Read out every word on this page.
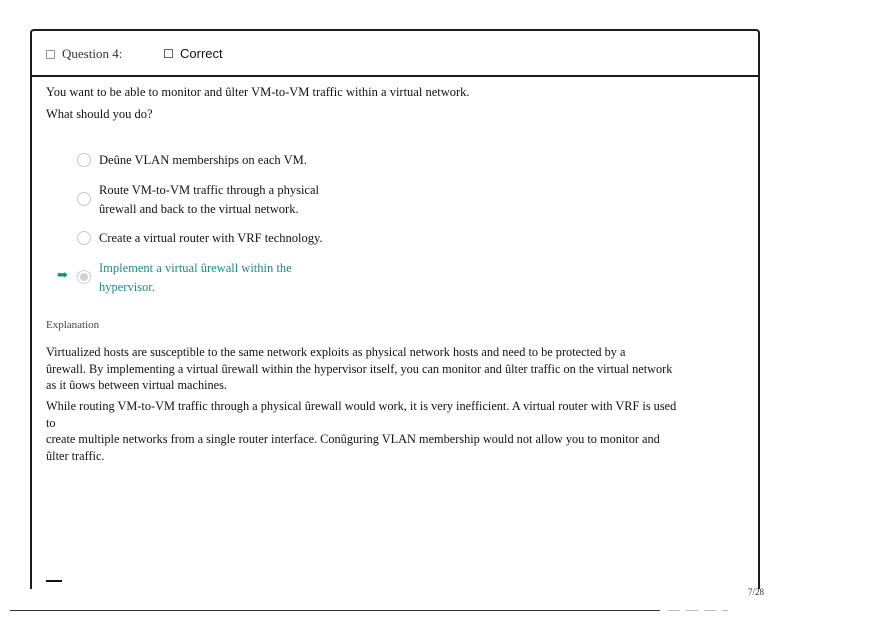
Question 4:	Correct
You want to be able to monitor and ûlter VM-to-VM traffic within a virtual network.
What should you do?
Deûne VLAN memberships on each VM.
Route VM-to-VM traffic through a physical
ûrewall and back to the virtual network.
Create a virtual router with VRF technology.
➡ Implement a virtual ûrewall within the
hypervisor.
Explanation
Virtualized hosts are susceptible to the same network exploits as physical network hosts and need to be protected by a
ûrewall. By implementing a virtual ûrewall within the hypervisor itself, you can monitor and ûlter traffic on the virtual network
as it ûows between virtual machines.
While routing VM-to-VM traffic through a physical ûrewall would work, it is very inefficient. A virtual router with VRF is used to
create multiple networks from a single router interface. Conûguring VLAN membership would not allow you to monitor and
ûlter traffic.
7/28
